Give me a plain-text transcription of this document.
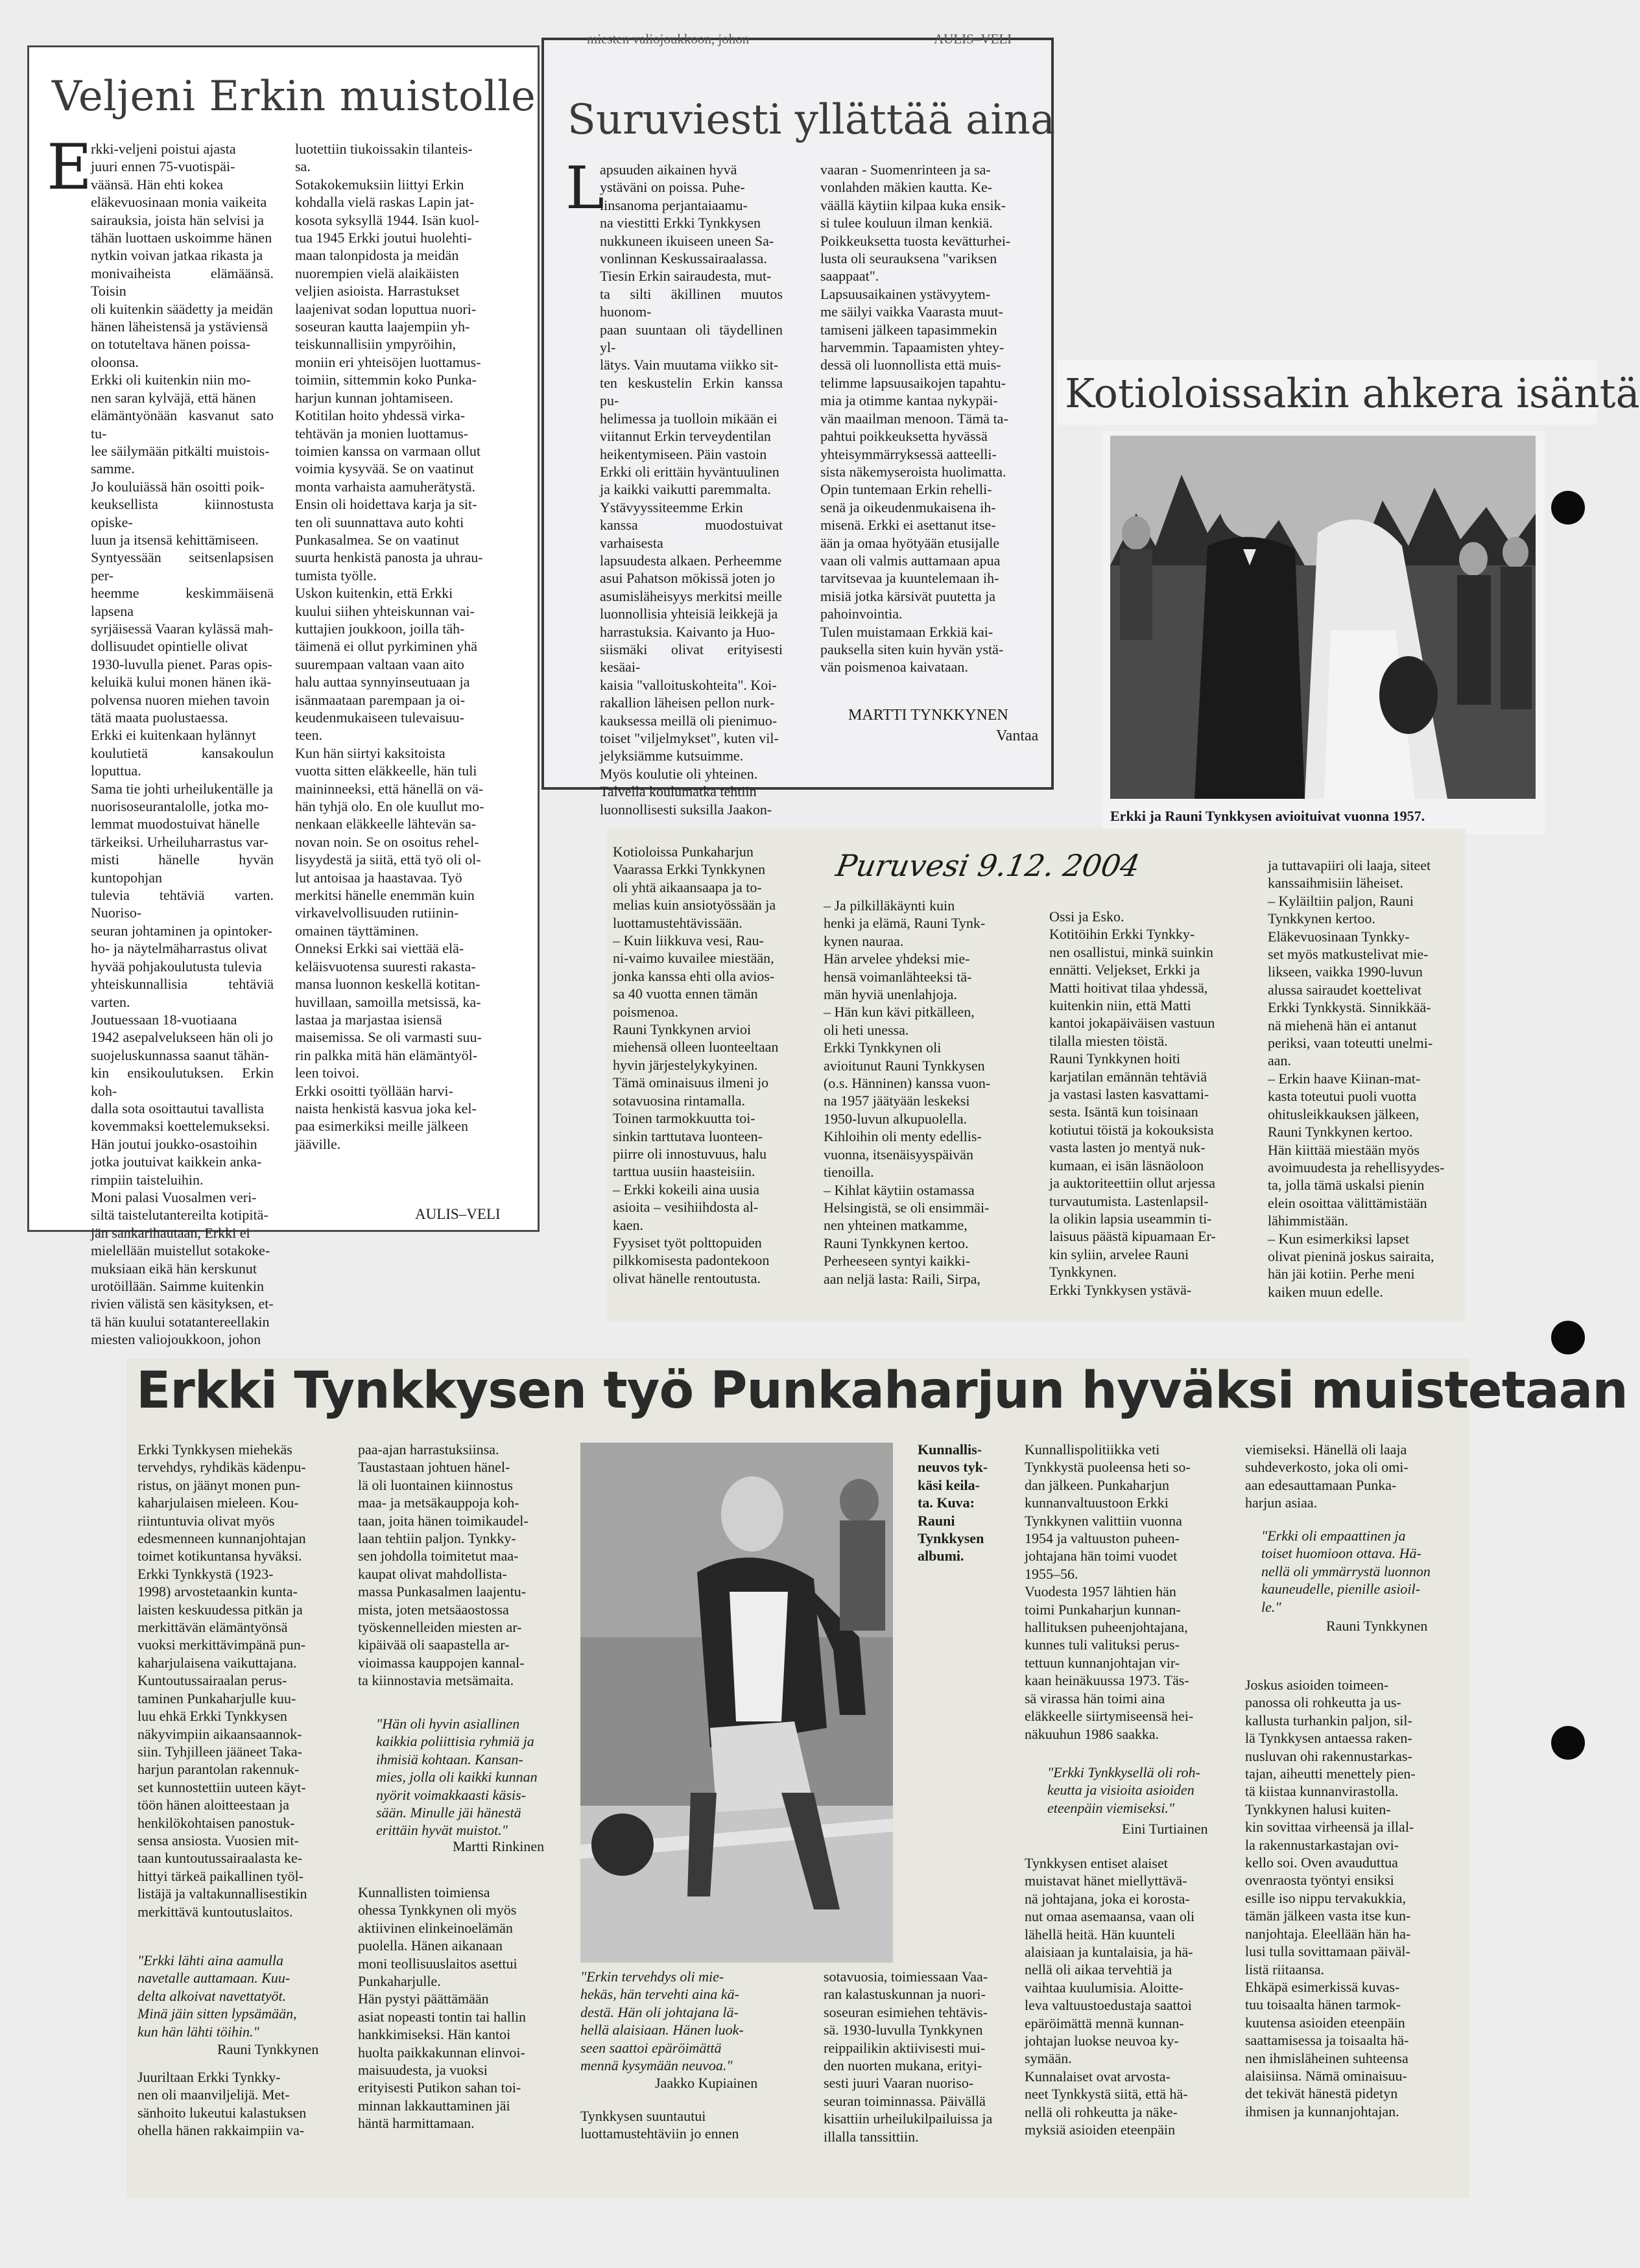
Veljeni Erkin muistolle
E
rkki-veljeni poistui ajasta
juuri ennen 75-vuotispäi-
väänsä. Hän ehti kokea
eläkevuosinaan monia vaikeita
sairauksia, joista hän selvisi ja
tähän luottaen uskoimme hänen
nytkin voivan jatkaa rikasta ja
monivaiheista elämäänsä. Toisin
oli kuitenkin säädetty ja meidän
hänen läheistensä ja ystäviensä
on totuteltava hänen poissa-
oloonsa.
Erkki oli kuitenkin niin mo-
nen saran kylväjä, että hänen
elämäntyönään kasvanut sato tu-
lee säilymään pitkälti muistois-
samme.
Jo kouluiässä hän osoitti poik-
keuksellista kiinnostusta opiske-
luun ja itsensä kehittämiseen.
Syntyessään seitsenlapsisen per-
heemme keskimmäisenä lapsena
syrjäisessä Vaaran kylässä mah-
dollisuudet opintielle olivat
1930-luvulla pienet. Paras opis-
keluikä kului monen hänen ikä-
polvensa nuoren miehen tavoin
tätä maata puolustaessa.
Erkki ei kuitenkaan hylännyt
koulutietä kansakoulun loputtua.
Sama tie johti urheilukentälle ja
nuorisoseurantalolle, jotka mo-
lemmat muodostuivat hänelle
tärkeiksi. Urheiluharrastus var-
misti hänelle hyvän kuntopohjan
tulevia tehtäviä varten. Nuoriso-
seuran johtaminen ja opintoker-
ho- ja näytelmäharrastus olivat
hyvää pohjakoulutusta tulevia
yhteiskunnallisia tehtäviä varten.
Joutuessaan 18-vuotiaana
1942 asepalvelukseen hän oli jo
suojeluskunnassa saanut tähän-
kin ensikoulutuksen. Erkin koh-
dalla sota osoittautui tavallista
kovemmaksi koettelemukseksi.
Hän joutui joukko-osastoihin
jotka joutuivat kaikkein anka-
rimpiin taisteluihin.
Moni palasi Vuosalmen veri-
siltä taistelutantereilta kotipitä-
jän sankarihautaan, Erkki ei
mielellään muistellut sotakoke-
muksiaan eikä hän kerskunut
urotöillään. Saimme kuitenkin
rivien välistä sen käsityksen, et-
tä hän kuului sotatantereellakin
miesten valiojoukkoon, johon
luotettiin tiukoissakin tilanteis-
sa.
Sotakokemuksiin liittyi Erkin
kohdalla vielä raskas Lapin jat-
kosota syksyllä 1944. Isän kuol-
tua 1945 Erkki joutui huolehti-
maan talonpidosta ja meidän
nuorempien vielä alaikäisten
veljien asioista. Harrastukset
laajenivat sodan loputtua nuori-
soseuran kautta laajempiin yh-
teiskunnallisiin ympyröihin,
moniin eri yhteisöjen luottamus-
toimiin, sittemmin koko Punka-
harjun kunnan johtamiseen.
Kotitilan hoito yhdessä virka-
tehtävän ja monien luottamus-
toimien kanssa on varmaan ollut
voimia kysyvää. Se on vaatinut
monta varhaista aamuherätystä.
Ensin oli hoidettava karja ja sit-
ten oli suunnattava auto kohti
Punkasalmea. Se on vaatinut
suurta henkistä panosta ja uhrau-
tumista työlle.
Uskon kuitenkin, että Erkki
kuului siihen yhteiskunnan vai-
kuttajien joukkoon, joilla täh-
täimenä ei ollut pyrkiminen yhä
suurempaan valtaan vaan aito
halu auttaa synnyinseutuaan ja
isänmaataan parempaan ja oi-
keudenmukaiseen tulevaisuu-
teen.
Kun hän siirtyi kaksitoista
vuotta sitten eläkkeelle, hän tuli
maininneeksi, että hänellä on vä-
hän tyhjä olo. En ole kuullut mo-
nenkaan eläkkeelle lähtevän sa-
novan noin. Se on osoitus rehel-
lisyydestä ja siitä, että työ oli ol-
lut antoisaa ja haastavaa. Työ
merkitsi hänelle enemmän kuin
virkavelvollisuuden rutiinin-
omainen täyttäminen.
Onneksi Erkki sai viettää elä-
keläisvuotensa suuresti rakasta-
mansa luonnon keskellä kotitan-
huvillaan, samoilla metsissä, ka-
lastaa ja marjastaa isiensä
maisemissa. Se oli varmasti suu-
rin palkka mitä hän elämäntyöl-
leen toivoi.
Erkki osoitti työllään harvi-
naista henkistä kasvua joka kel-
paa esimerkiksi meille jälkeen
jääville.
AULIS–VELI
miesten valiojoukkoon, johon	AULIS–VELI
Suruviesti yllättää aina
L
apsuuden aikainen hyvä
ystäväni on poissa. Puhe-
linsanoma perjantaiaamu-
na viestitti Erkki Tynkkysen
nukkuneen ikuiseen uneen Sa-
vonlinnan Keskussairaalassa.
Tiesin Erkin sairaudesta, mut-
ta silti äkillinen muutos huonom-
paan suuntaan oli täydellinen yl-
lätys. Vain muutama viikko sit-
ten keskustelin Erkin kanssa pu-
helimessa ja tuolloin mikään ei
viitannut Erkin terveydentilan
heikentymiseen. Päin vastoin
Erkki oli erittäin hyväntuulinen
ja kaikki vaikutti paremmalta.
Ystävyyssiteemme Erkin
kanssa muodostuivat varhaisesta
lapsuudesta alkaen. Perheemme
asui Pahatson mökissä joten jo
asumisläheisyys merkitsi meille
luonnollisia yhteisiä leikkejä ja
harrastuksia. Kaivanto ja Huo-
siismäki olivat erityisesti kesäai-
kaisia "valloituskohteita". Koi-
rakallion läheisen pellon nurk-
kauksessa meillä oli pienimuo-
toiset "viljelmykset", kuten vil-
jelyksiämme kutsuimme.
Myös koulutie oli yhteinen.
Talvella koulumatka tehtiin
luonnollisesti suksilla Jaakon-
vaaran - Suomenrinteen ja sa-
vonlahden mäkien kautta. Ke-
väällä käytiin kilpaa kuka ensik-
si tulee kouluun ilman kenkiä.
Poikkeuksetta tuosta kevätturhei-
lusta oli seurauksena "variksen
saappaat".
Lapsuusaikainen ystävyytem-
me säilyi vaikka Vaarasta muut-
tamiseni jälkeen tapasimmekin
harvemmin. Tapaamisten yhtey-
dessä oli luonnollista että muis-
telimme lapsuusaikojen tapahtu-
mia ja otimme kantaa nykypäi-
vän maailman menoon. Tämä ta-
pahtui poikkeuksetta hyvässä
yhteisymmärryksessä aatteelli-
sista näkemyseroista huolimatta.
Opin tuntemaan Erkin rehelli-
senä ja oikeudenmukaisena ih-
misenä. Erkki ei asettanut itse-
ään ja omaa hyötyään etusijalle
vaan oli valmis auttamaan apua
tarvitsevaa ja kuuntelemaan ih-
misiä jotka kärsivät puutetta ja
pahoinvointia.
Tulen muistamaan Erkkiä kai-
pauksella siten kuin hyvän ystä-
vän poismenoa kaivataan.
MARTTI TYNKKYNEN
Vantaa
Kotioloissakin ahkera isäntä
Erkki ja Rauni Tynkkysen avioituivat vuonna 1957.
Puruvesi 9.12. 2004
Kotioloissa Punkaharjun
Vaarassa Erkki Tynkkynen
oli yhtä aikaansaapa ja to-
melias kuin ansiotyössään ja
luottamustehtävissään.
– Kuin liikkuva vesi, Rau-
ni-vaimo kuvailee miestään,
jonka kanssa ehti olla avios-
sa 40 vuotta ennen tämän
poismenoa.
Rauni Tynkkynen arvioi
miehensä olleen luonteeltaan
hyvin järjestelykykyinen.
Tämä ominaisuus ilmeni jo
sotavuosina rintamalla.
Toinen tarmokkuutta toi-
sinkin tarttutava luonteen-
piirre oli innostuvuus, halu
tarttua uusiin haasteisiin.
– Erkki kokeili aina uusia
asioita – vesihiihdosta al-
kaen.
Fyysiset työt polttopuiden
pilkkomisesta padontekoon
olivat hänelle rentoutusta.
– Ja pilkilläkäynti kuin
henki ja elämä, Rauni Tynk-
kynen nauraa.
Hän arvelee yhdeksi mie-
hensä voimanlähteeksi tä-
män hyviä unenlahjoja.
– Hän kun kävi pitkälleen,
oli heti unessa.
Erkki Tynkkynen oli
avioitunut Rauni Tynkkysen
(o.s. Hänninen) kanssa vuon-
na 1957 jäätyään leskeksi
1950-luvun alkupuolella.
Kihloihin oli menty edellis-
vuonna, itsenäisyyspäivän
tienoilla.
– Kihlat käytiin ostamassa
Helsingistä, se oli ensimmäi-
nen yhteinen matkamme,
Rauni Tynkkynen kertoo.
Perheeseen syntyi kaikki-
aan neljä lasta: Raili, Sirpa,
Ossi ja Esko.
Kotitöihin Erkki Tynkky-
nen osallistui, minkä suinkin
ennätti. Veljekset, Erkki ja
Matti hoitivat tilaa yhdessä,
kuitenkin niin, että Matti
kantoi jokapäiväisen vastuun
tilalla miesten töistä.
Rauni Tynkkynen hoiti
karjatilan emännän tehtäviä
ja vastasi lasten kasvattami-
sesta. Isäntä kun toisinaan
kotiutui töistä ja kokouksista
vasta lasten jo mentyä nuk-
kumaan, ei isän läsnäoloon
ja auktoriteettiin ollut arjessa
turvautumista. Lastenlapsil-
la olikin lapsia useammin ti-
laisuus päästä kipuamaan Er-
kin syliin, arvelee Rauni
Tynkkynen.
Erkki Tynkkysen ystävä-
ja tuttavapiiri oli laaja, siteet
kanssaihmisiin läheiset.
– Kyläiltiin paljon, Rauni
Tynkkynen kertoo.
Eläkevuosinaan Tynkky-
set myös matkustelivat mie-
likseen, vaikka 1990-luvun
alussa sairaudet koettelivat
Erkki Tynkkystä. Sinnikkää-
nä miehenä hän ei antanut
periksi, vaan toteutti unelmi-
aan.
– Erkin haave Kiinan-mat-
kasta toteutui puoli vuotta
ohitusleikkauksen jälkeen,
Rauni Tynkkynen kertoo.
Hän kiittää miestään myös
avoimuudesta ja rehellisyydes-
ta, jolla tämä uskalsi pienin
elein osoittaa välittämistään
lähimmistään.
– Kun esimerkiksi lapset
olivat pieninä joskus sairaita,
hän jäi kotiin. Perhe meni
kaiken muun edelle.
Erkki Tynkkysen työ Punkaharjun hyväksi muistetaan
Erkki Tynkkysen miehekäs
tervehdys, ryhdikäs kädenpu-
ristus, on jäänyt monen pun-
kaharjulaisen mieleen. Kou-
riintuntuvia olivat myös
edesmenneen kunnanjohtajan
toimet kotikuntansa hyväksi.
Erkki Tynkkystä (1923-
1998) arvostetaankin kunta-
laisten keskuudessa pitkän ja
merkittävän elämäntyönsä
vuoksi merkittävimpänä pun-
kaharjulaisena vaikuttajana.
Kuntoutussairaalan perus-
taminen Punkaharjulle kuu-
luu ehkä Erkki Tynkkysen
näkyvimpiin aikaansaannok-
siin. Tyhjilleen jääneet Taka-
harjun parantolan rakennuk-
set kunnostettiin uuteen käyt-
töön hänen aloitteestaan ja
henkilökohtaisen panostuk-
sensa ansiosta. Vuosien mit-
taan kuntoutussairaalasta ke-
hittyi tärkeä paikallinen työl-
listäjä ja valtakunnallisestikin
merkittävä kuntoutuslaitos.
"Erkki lähti aina aamulla
navetalle auttamaan. Kuu-
delta alkoivat navettatyöt.
Minä jäin sitten lypsämään,
kun hän lähti töihin."
Rauni Tynkkynen
Juuriltaan Erkki Tynkky-
nen oli maanviljelijä. Met-
sänhoito lukeutui kalastuksen
ohella hänen rakkaimpiin va-
paa-ajan harrastuksiinsa.
Taustastaan johtuen hänel-
lä oli luontainen kiinnostus
maa- ja metsäkauppoja koh-
taan, joita hänen toimikaudel-
laan tehtiin paljon. Tynkky-
sen johdolla toimitetut maa-
kaupat olivat mahdollista-
massa Punkasalmen laajentu-
mista, joten metsäaostossa
työskennelleiden miesten ar-
kipäivää oli saapastella ar-
vioimassa kauppojen kannal-
ta kiinnostavia metsämaita.
"Hän oli hyvin asiallinen
kaikkia poliittisia ryhmiä ja
ihmisiä kohtaan. Kansan-
mies, jolla oli kaikki kunnan
nyörit voimakkaasti käsis-
sään. Minulle jäi hänestä
erittäin hyvät muistot."
Martti Rinkinen
Kunnallisten toimiensa
ohessa Tynkkynen oli myös
aktiivinen elinkeinoelämän
puolella. Hänen aikanaan
moni teollisuuslaitos asettui
Punkaharjulle.
Hän pystyi päättämään
asiat nopeasti tontin tai hallin
hankkimiseksi. Hän kantoi
huolta paikkakunnan elinvoi-
maisuudesta, ja vuoksi
erityisesti Putikon sahan toi-
minnan lakkauttaminen jäi
häntä harmittamaan.
Kunnallis-
neuvos tyk-
käsi keila-
ta. Kuva:
Rauni
Tynkkysen
albumi.
"Erkin tervehdys oli mie-
hekäs, hän tervehti aina kä-
destä. Hän oli johtajana lä-
hellä alaisiaan. Hänen luok-
seen saattoi epäröimättä
mennä kysymään neuvoa."
Jaakko Kupiainen
Tynkkysen suuntautui
luottamustehtäviin jo ennen
sotavuosia, toimiessaan Vaa-
ran kalastuskunnan ja nuori-
soseuran esimiehen tehtävis-
sä. 1930-luvulla Tynkkynen
reippailikin aktiivisesti mui-
den nuorten mukana, erityi-
sesti juuri Vaaran nuoriso-
seuran toiminnassa. Päivällä
kisattiin urheilukilpailuissa ja
illalla tanssittiin.
Kunnallispolitiikka veti
Tynkkystä puoleensa heti so-
dan jälkeen. Punkaharjun
kunnanvaltuustoon Erkki
Tynkkynen valittiin vuonna
1954 ja valtuuston puheen-
johtajana hän toimi vuodet
1955–56.
Vuodesta 1957 lähtien hän
toimi Punkaharjun kunnan-
hallituksen puheenjohtajana,
kunnes tuli valituksi perus-
tettuun kunnanjohtajan vir-
kaan heinäkuussa 1973. Täs-
sä virassa hän toimi aina
eläkkeelle siirtymiseensä hei-
näkuuhun 1986 saakka.
"Erkki Tynkkysellä oli roh-
keutta ja visioita asioiden
eteenpäin viemiseksi."
Eini Turtiainen
Tynkkysen entiset alaiset
muistavat hänet miellyttävä-
nä johtajana, joka ei korosta-
nut omaa asemaansa, vaan oli
lähellä heitä. Hän kuunteli
alaisiaan ja kuntalaisia, ja hä-
nellä oli aikaa tervehtiä ja
vaihtaa kuulumisia. Aloitte-
leva valtuustoedustaja saattoi
epäröimättä mennä kunnan-
johtajan luokse neuvoa ky-
symään.
Kunnalaiset ovat arvosta-
neet Tynkkystä siitä, että hä-
nellä oli rohkeutta ja näke-
myksiä asioiden eteenpäin
viemiseksi. Hänellä oli laaja
suhdeverkosto, joka oli omi-
aan edesauttamaan Punka-
harjun asiaa.
"Erkki oli empaattinen ja
toiset huomioon ottava. Hä-
nellä oli ymmärrystä luonnon
kauneudelle, pienille asioil-
le."
Rauni Tynkkynen
Joskus asioiden toimeen-
panossa oli rohkeutta ja us-
kallusta turhankin paljon, sil-
lä Tynkkysen antaessa raken-
nusluvan ohi rakennustarkas-
tajan, aiheutti menettely pien-
tä kiistaa kunnanvirastolla.
Tynkkynen halusi kuiten-
kin sovittaa virheensä ja illal-
la rakennustarkastajan ovi-
kello soi. Oven avauduttua
ovenraosta työntyi ensiksi
esille iso nippu tervakukkia,
tämän jälkeen vasta itse kun-
nanjohtaja. Eleellään hän ha-
lusi tulla sovittamaan päiväl-
listä riitaansa.
Ehkäpä esimerkissä kuvas-
tuu toisaalta hänen tarmok-
kuutensa asioiden eteenpäin
saattamisessa ja toisaalta hä-
nen ihmisläheinen suhteensa
alaisiinsa. Nämä ominaisuu-
det tekivät hänestä pidetyn
ihmisen ja kunnanjohtajan.
